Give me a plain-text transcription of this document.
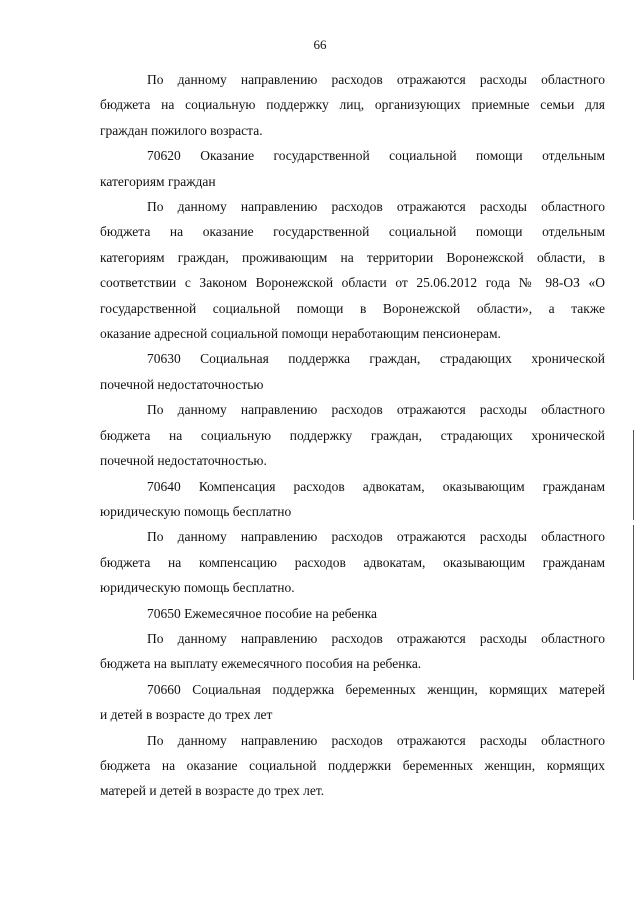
66

По данному направлению расходов отражаются расходы областного
бюджета на социальную поддержку лиц, организующих приемные семьи для
граждан пожилого возраста.

70620 Оказание государственной социальной помощи отдельным
категориям граждан

По данному направлению расходов отражаются расходы областного
бюджета на оказание государственной социальной помощи отдельным
категориям граждан, проживающим на территории Воронежской области, в
соответствии с Законом Воронежской области от 25.06.2012 года № 98-ОЗ «О
государственной социальной помощи в Воронежской области», а также
оказание адресной социальной помощи неработающим пенсионерам.

70630 Социальная поддержка граждан, страдающих хронической
почечной недостаточностью

По данному направлению расходов отражаются расходы областного
бюджета на социальную поддержку граждан, страдающих хронической
почечной недостаточностью.

70640 Компенсация расходов адвокатам, оказывающим гражданам
юридическую помощь бесплатно

По данному направлению расходов отражаются расходы областного
бюджета на компенсацию расходов адвокатам, оказывающим гражданам
юридическую помощь бесплатно.

70650 Ежемесячное пособие на ребенка

По данному направлению расходов отражаются расходы областного
бюджета на выплату ежемесячного пособия на ребенка.

70660 Социальная поддержка беременных женщин, кормящих матерей
и детей в возрасте до трех лет

По данному направлению расходов отражаются расходы областного
бюджета на оказание социальной поддержки беременных женщин, кормящих
матерей и детей в возрасте до трех лет.
